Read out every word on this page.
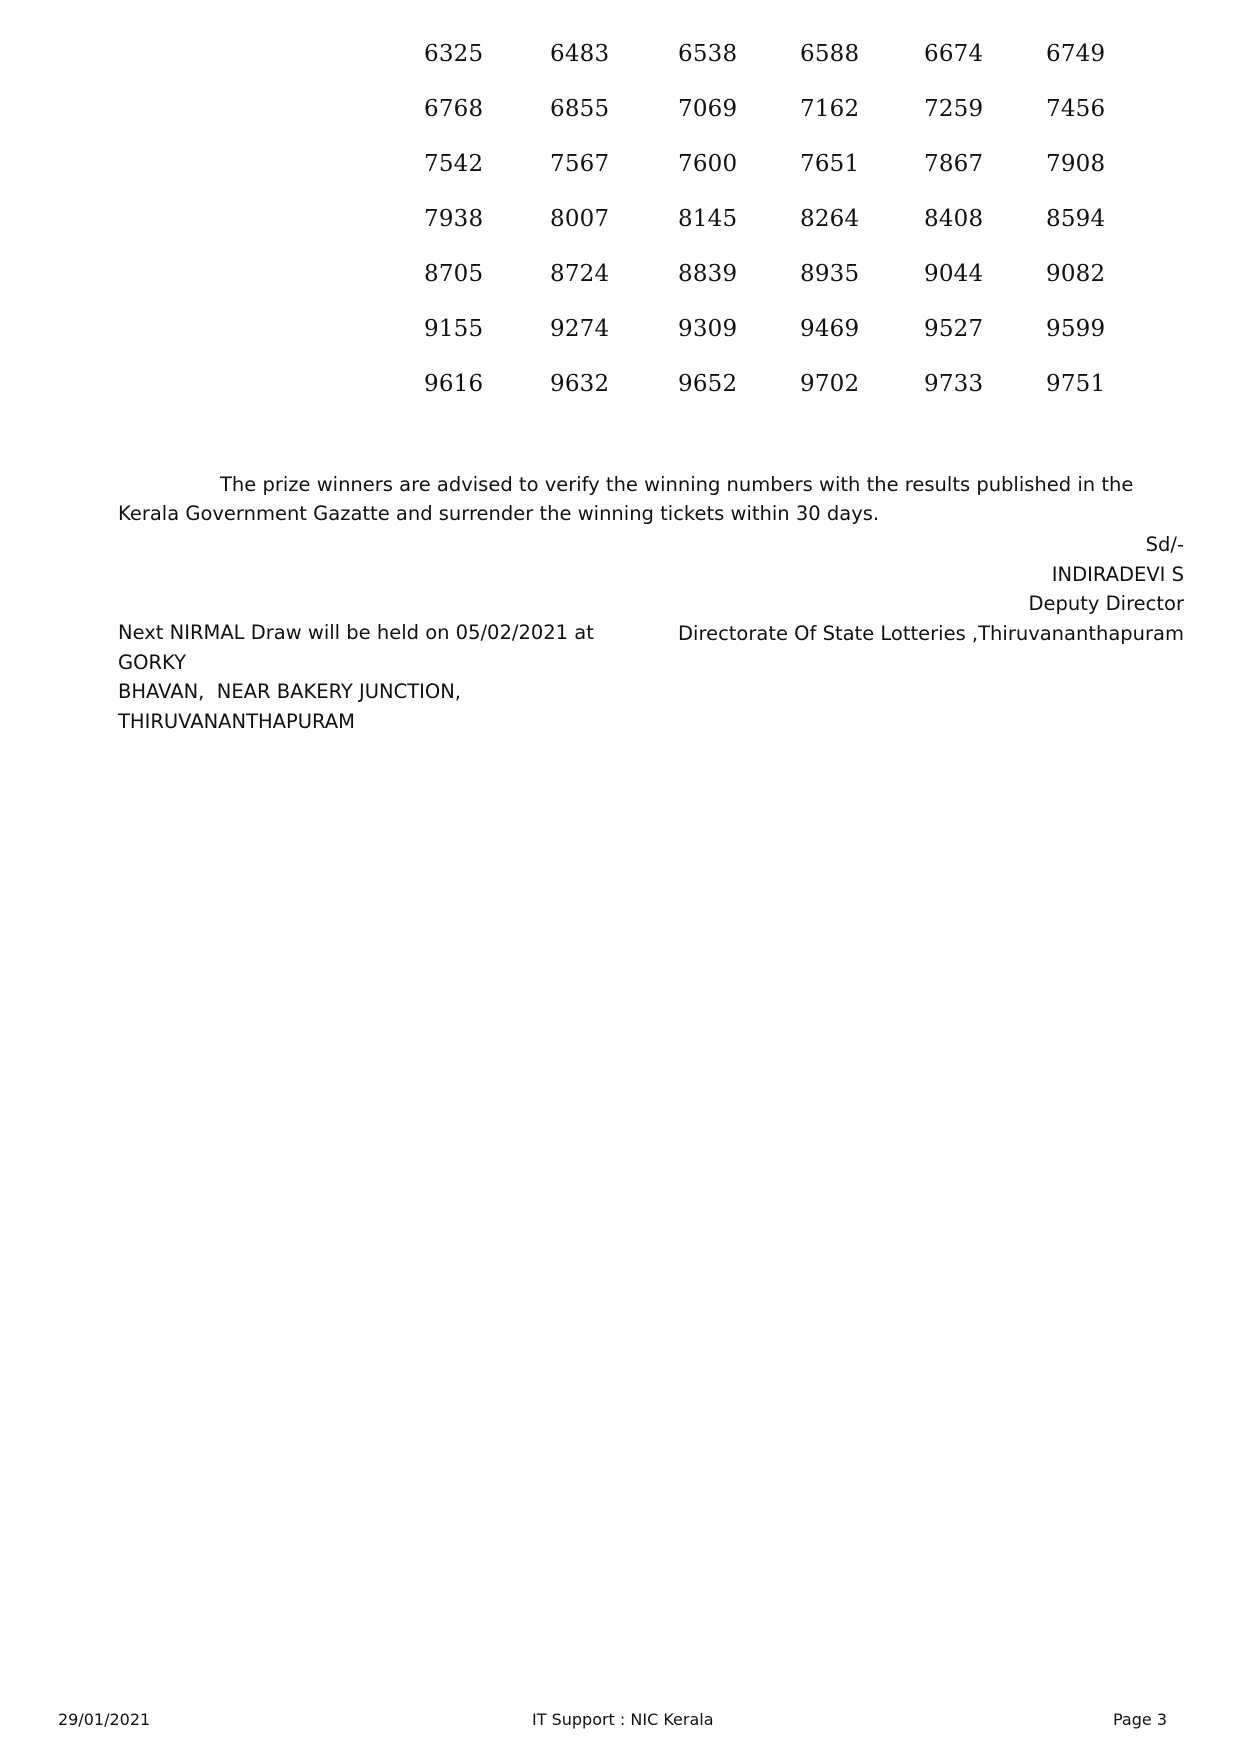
6325	6483	6538	6588	6674	6749
6768	6855	7069	7162	7259	7456
7542	7567	7600	7651	7867	7908
7938	8007	8145	8264	8408	8594
8705	8724	8839	8935	9044	9082
9155	9274	9309	9469	9527	9599
9616	9632	9652	9702	9733	9751

The prize winners are advised to verify the winning numbers with the results published in the Kerala Government Gazatte and surrender the winning tickets within 30 days.

Sd/-
INDIRADEVI S
Deputy Director
Directorate Of State Lotteries ,Thiruvananthapuram
Next NIRMAL Draw will be held on 05/02/2021 at GORKY
BHAVAN,  NEAR BAKERY JUNCTION,
THIRUVANANTHAPURAM
29/01/2021	IT Support : NIC Kerala	Page 3
